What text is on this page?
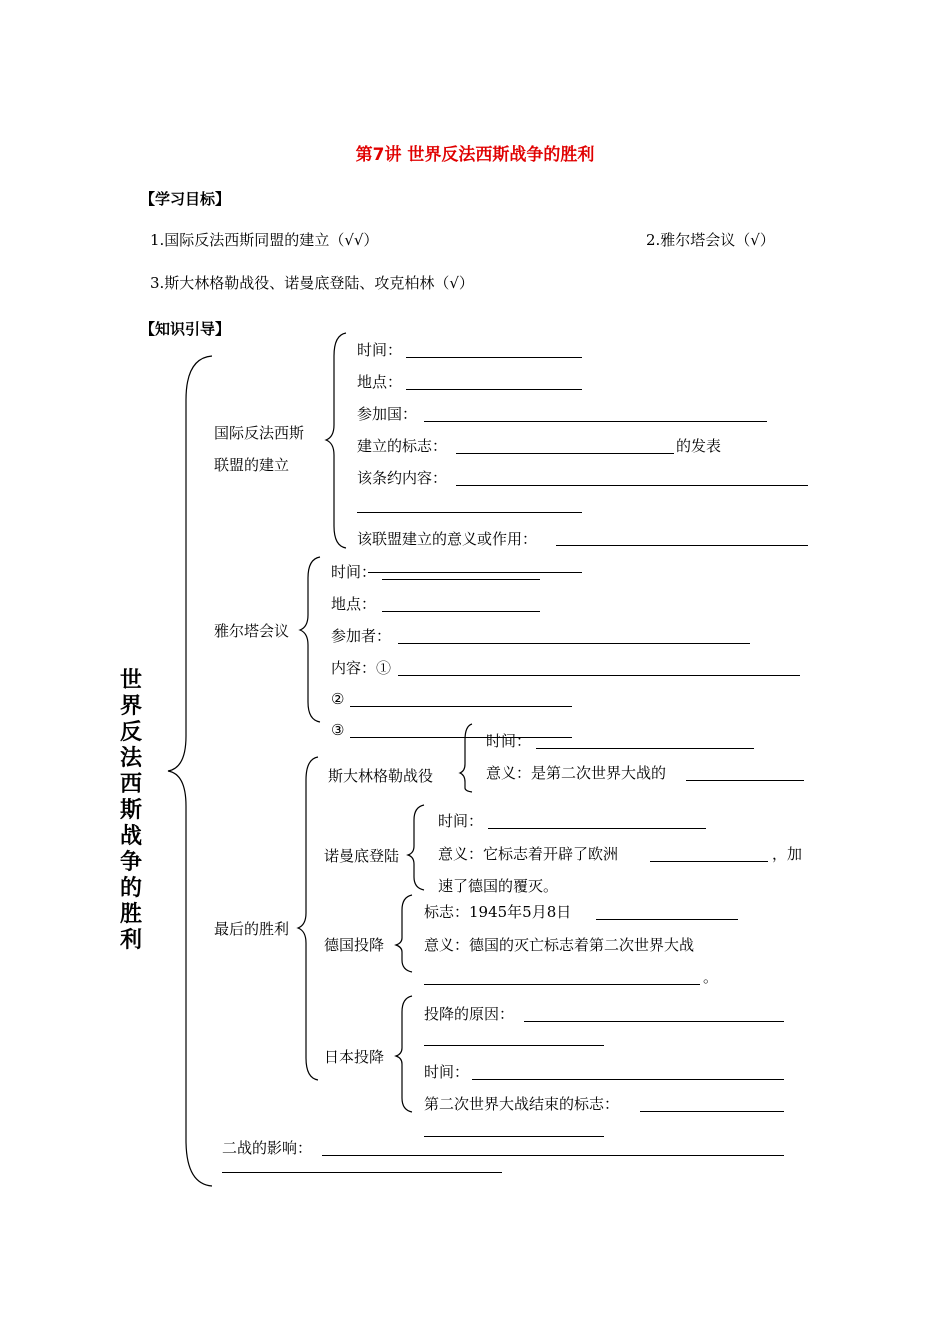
第7讲 世界反法西斯战争的胜利
【学习目标】
1.国际反法西斯同盟的建立（√√）	2.雅尔塔会议（√）
3.斯大林格勒战役、诺曼底登陆、攻克柏林（√）
【知识引导】
世界反法西斯战争的胜利
国际反法西斯
联盟的建立
时间：
地点：
参加国：
建立的标志：	的发表
该条约内容：
该联盟建立的意义或作用：
雅尔塔会议
时间：
地点：
参加者：
内容：①
②
③
最后的胜利
斯大林格勒战役
时间：
意义：是第二次世界大战的
诺曼底登陆
时间：
意义：它标志着开辟了欧洲	，加
速了德国的覆灭。
德国投降
标志：1945年5月8日
意义：德国的灭亡标志着第二次世界大战
。
日本投降
投降的原因：
时间：
第二次世界大战结束的标志：
二战的影响：
